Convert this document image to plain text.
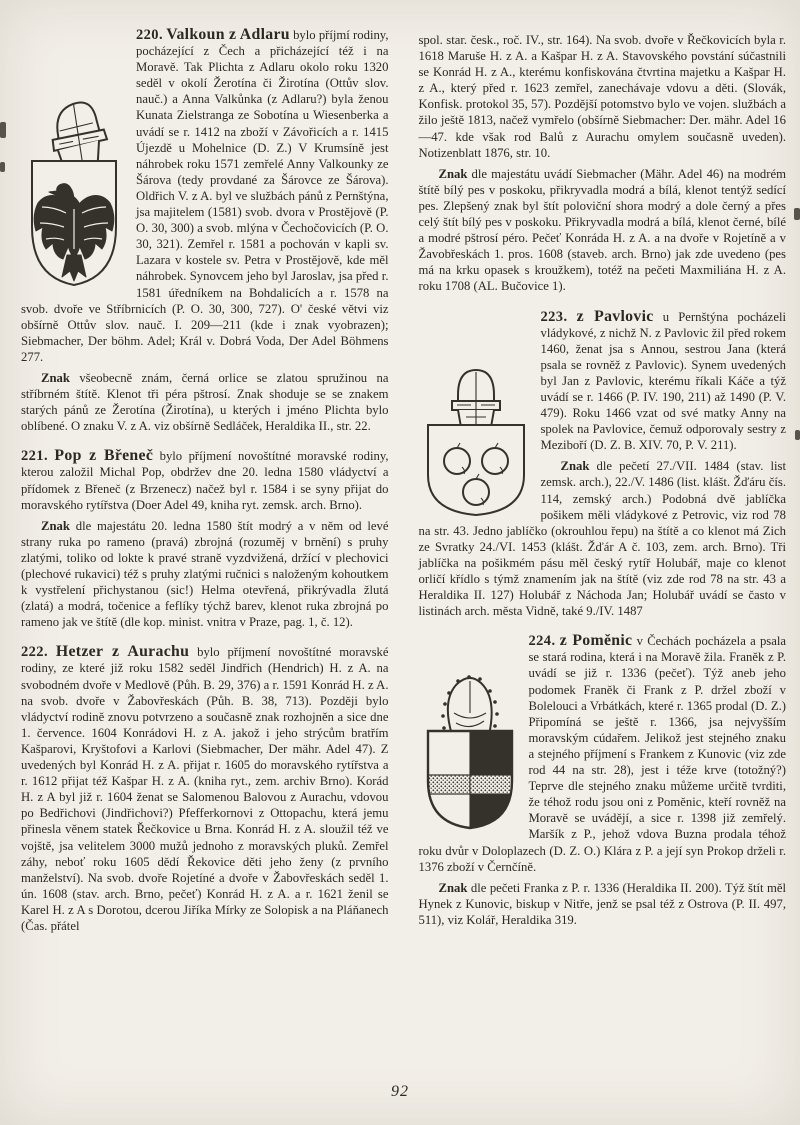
220. Valkoun z Adlaru bylo příjmí rodiny, pocházející z Čech a přicházející též i na Moravě. Tak Plichta z Adlaru okolo roku 1320 seděl v okolí Žerotína či Žirotína (Ottův slov. nauč.) a Anna Valkůnka (z Adlaru?) byla ženou Kunata Zielstranga ze Sobotína u Wiesenberka a uvádí se r. 1412 na zboží v Závořicích a r. 1415 Újezdě u Mohelnice (D. Z.) V Krumsíně jest náhrobek roku 1571 zemřelé Anny Valkounky ze Šárova (tedy provdané za Šárovce ze Šárova). Oldřich V. z A. byl ve službách pánů z Pernštýna, jsa majitelem (1581) svob. dvora v Prostějově (P. O. 30, 300) a svob. mlýna v Čechočovicích (P. O. 30, 321). Zemřel r. 1581 a pochován v kapli sv. Lazara v kostele sv. Petra v Prostějově, kde měl náhrobek. Synovcem jeho byl Jaroslav, jsa před r. 1581 úředníkem na Bohdalicích a r. 1578 na svob. dvoře ve Stříbrnicích (P. O. 30, 300, 727). O' české větvi viz obšírně Ottův slov. nauč. I. 209—211 (kde i znak vyobrazen); Siebmacher, Der böhm. Adel; Král v. Dobrá Voda, Der Adel Böhmens 277.

Znak všeobecně znám, černá orlice se zlatou spružinou na stříbrném štítě. Klenot tři péra pštrosí. Znak shoduje se se znakem starých pánů ze Žerotína (Žirotína), u kterých i jméno Plichta bylo oblíbené. O znaku V. z A. viz obšírně Sedláček, Heraldika II., str. 22.

221. Pop z Břeneč bylo příjmení novoštítné moravské rodiny, kterou založil Michal Pop, obdržev dne 20. ledna 1580 vládyctví a přídomek z Břeneč (z Brzenecz) načež byl r. 1584 i se syny přijat do moravského rytířstva (Doer Adel 49, kniha ryt. zemsk. arch. Brno).

Znak dle majestátu 20. ledna 1580 štít modrý a v něm od levé strany ruka po rameno (pravá) zbrojná (rozuměj v brnění) s pruhy zlatými, toliko od lokte k pravé straně vyzdvižená, držící v plechovici (plechové rukavici) též s pruhy zlatými ručnici s naloženým kohoutkem k vystřelení přichystanou (sic!) Helma otevřená, přikrývadla žlutá (zlatá) a modrá, točenice a feflíky týchž barev, klenot ruka zbrojná po rameno jak ve štítě (dle kop. minist. vnitra v Praze, pag. 1, č. 12).

222. Hetzer z Aurachu bylo příjmení novoštítné moravské rodiny, ze které již roku 1582 seděl Jindřich (Hendrich) H. z A. na svobodném dvoře v Medlově (Půh. B. 29, 376) a r. 1591 Konrád H. z A. na svob. dvoře v Žabovřeskách (Půh. B. 38, 713). Později bylo vládyctví rodině znovu potvrzeno a současně znak rozhojněn a sice dne 1. července. 1604 Konrádovi H. z A. jakož i jeho strýcům bratřím Kašparovi, Kryštofovi a Karlovi (Siebmacher, Der mähr. Adel 47). Z uvedených byl Konrád H. z A. přijat r. 1605 do moravského rytířstva a r. 1612 přijat též Kašpar H. z A. (kniha ryt., zem. archiv Brno). Korád H. z A byl již r. 1604 ženat se Salomenou Balovou z Aurachu, vdovou po Bedřichovi (Jindřichovi?) Pfefferkornovi z Ottopachu, která jemu přinesla věnem statek Řečkovice u Brna. Konrád H. z A. sloužil též ve vojště, jsa velitelem 3000 mužů jednoho z moravských pluků. Zemřel záhy, neboť roku 1605 dědí Řekovice děti jeho ženy (z prvního manželství). Na svob. dvoře Rojetíné a dvoře v Žabovřeskách seděl 1. ún. 1608 (stav. arch. Brno, pečeť) Konrád H. z A. a r. 1621 ženil se Karel H. z A s Dorotou, dcerou Jiříka Mírky ze Solopisk a na Pláňanech (Čas. přátel

spol. star. česk., roč. IV., str. 164). Na svob. dvoře v Řečkovicích byla r. 1618 Maruše H. z A. a Kašpar H. z A. Stavovského povstání súčastnili se Konrád H. z A., kterému konfiskována čtvrtina majetku a Kašpar H. z A., který před r. 1623 zemřel, zanechávaje vdovu a děti. (Slovák, Konfisk. protokol 35, 57). Pozdější potomstvo bylo ve vojen. službách a žilo ještě 1813, načež vymřelo (obšírně Siebmacher: Der. mähr. Adel 16—47. kde však rod Balů z Aurachu omylem současně uveden). Notizenblatt 1876, str. 10.

Znak dle majestátu uvádí Siebmacher (Mähr. Adel 46) na modrém štítě bílý pes v poskoku, přikryvadla modrá a bílá, klenot tentýž sedící pes. Zlepšený znak byl štít poloviční shora modrý a dole černý a přes celý štít bílý pes v poskoku. Přikryvadla modrá a bílá, klenot černé, bílé a modré pštrosí péro. Pečeť Konráda H. z A. a na dvoře v Rojetíně a v Žavobřeskách 1. pros. 1608 (staveb. arch. Brno) jak zde uvedeno (pes má na krku opasek s kroužkem), totéž na pečeti Maxmiliána H. z A. roku 1708 (AL. Bučovice 1).

223. z Pavlovic u Pernštýna pocházeli vládykové, z nichž N. z Pavlovic žil před rokem 1460, ženat jsa s Annou, sestrou Jana (která psala se rovněž z Pavlovic). Synem uvedených byl Jan z Pavlovic, kterému říkali Káče a týž uvádí se r. 1466 (P. IV. 190, 211) až 1490 (P. V. 479). Roku 1466 vzat od své matky Anny na spolek na Pavlovice, čemuž odporovaly sestry z Meziboří (D. Z. B. XIV. 70, P. V. 211).

Znak dle pečetí 27./VII. 1484 (stav. list zemsk. arch.), 22./V. 1486 (list. klášt. Žďáru čís. 114, zemský arch.) Podobná dvě jablíčka pošikem měli vládykové z Petrovic, viz rod 78 na str. 43. Jedno jablíčko (okrouhlou řepu) na štítě a co klenot má Zich ze Svratky 24./VI. 1453 (klášt. Žďár A č. 103, zem. arch. Brno). Tři jablíčka na pošikmém pásu měl český rytíř Holubář, maje co klenot orličí křídlo s týmž znamením jak na štítě (viz zde rod 78 na str. 43 a Heraldika II. 127) Holubář z Náchoda Jan; Holubář uvádí se často v listinách arch. města Vidně, také 9./IV. 1487

224. z Poměnic v Čechách pocházela a psala se stará rodina, která i na Moravě žila. Franěk z P. uvádí se již r. 1336 (pečeť). Týž aneb jeho podomek Franěk či Frank z P. držel zboží v Bolelouci a Vrbátkách, které r. 1365 prodal (D. Z.) Připomíná se ještě r. 1366, jsa nejvyšším moravským cúdařem. Jelikož jest stejného znaku a stejného příjmení s Frankem z Kunovic (viz zde rod 44 na str. 28), jest i téže krve (totožný?) Teprve dle stejného znaku můžeme určitě tvrditi, že téhož rodu jsou oni z Poměnic, kteří rovněž na Moravě se uvádějí, a sice r. 1398 již zemřelý. Maršík z P., jehož vdova Buzna prodala téhož roku dvůr v Doloplazech (D. Z. O.) Klára z P. a její syn Prokop drželi r. 1376 zboží v Černčíně.

Znak dle pečeti Franka z P. r. 1336 (Heraldika II. 200). Týž štít měl Hynek z Kunovic, biskup v Nitře, jenž se psal též z Ostrova (P. II. 497, 511), viz Kolář, Heraldika 319.

92
